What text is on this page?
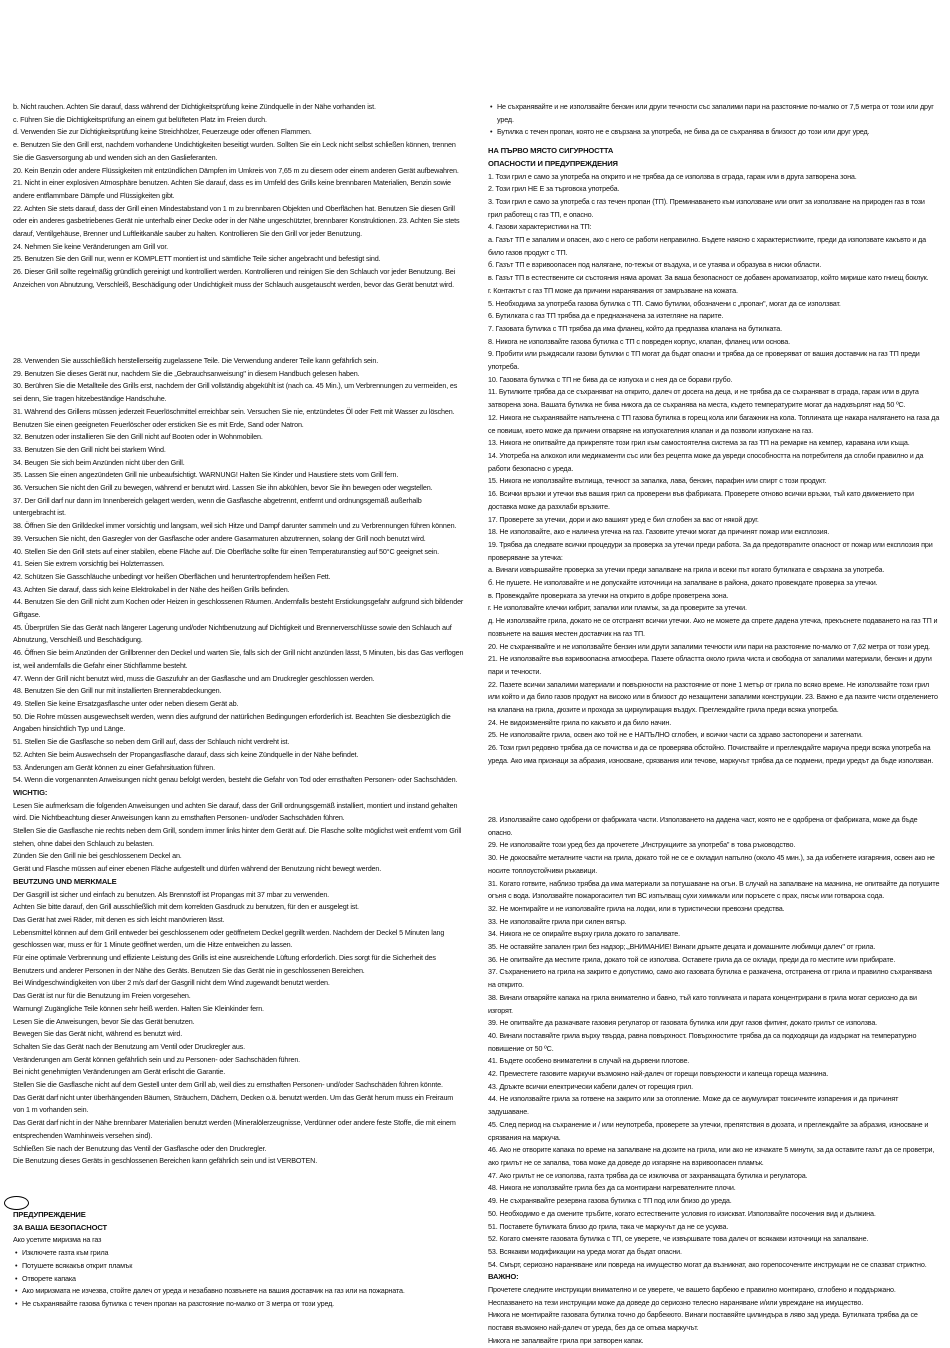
b. Nicht rauchen. Achten Sie darauf, dass während der Dichtigkeitsprüfung keine Zündquelle in der Nähe vorhanden ist.

c. Führen Sie die Dichtigkeitsprüfung an einem gut belüfteten Platz im Freien durch.

d. Verwenden Sie zur Dichtigkeitsprüfung keine Streichhölzer, Feuerzeuge oder offenen Flammen.

e. Benutzen Sie den Grill erst, nachdem vorhandene Undichtigkeiten beseitigt wurden. Sollten Sie ein Leck nicht selbst schließen können, trennen Sie die Gasversorgung ab und wenden sich an den Gaslieferanten.

20. Kein Benzin oder andere Flüssigkeiten mit entzündlichen Dämpfen im Umkreis von 7,65 m zu diesem oder einem anderen Gerät aufbewahren.

21. Nicht in einer explosiven Atmosphäre benutzen. Achten Sie darauf, dass es im Umfeld des Grills keine brennbaren Materialien, Benzin sowie andere entflammbare Dämpfe und Flüssigkeiten gibt.

22. Achten Sie stets darauf, dass der Grill einen Mindestabstand von 1 m zu brennbaren Objekten und Oberflächen hat. Benutzen Sie diesen Grill oder ein anderes gasbetriebenes Gerät nie unterhalb einer Decke oder in der Nähe ungeschützter, brennbarer Konstruktionen. 23. Achten Sie stets darauf, Ventilgehäuse, Brenner und Luftleitkanäle sauber zu halten. Kontrollieren Sie den Grill vor jeder Benutzung.

24. Nehmen Sie keine Veränderungen am Grill vor.

25. Benutzen Sie den Grill nur, wenn er KOMPLETT montiert ist und sämtliche Teile sicher angebracht und befestigt sind.

26. Dieser Grill sollte regelmäßig gründlich gereinigt und kontrolliert werden. Kontrollieren und reinigen Sie den Schlauch vor jeder Benutzung. Bei Anzeichen von Abnutzung, Verschleiß, Beschädigung oder Undichtigkeit muss der Schlauch ausgetauscht werden, bevor das Gerät benutzt wird.

28. Verwenden Sie ausschließlich herstellerseitig zugelassene Teile. Die Verwendung anderer Teile kann gefährlich sein.

29. Benutzen Sie dieses Gerät nur, nachdem Sie die „Gebrauchsanweisung" in diesem Handbuch gelesen haben.

30. Berühren Sie die Metallteile des Grills erst, nachdem der Grill vollständig abgekühlt ist (nach ca. 45 Min.), um Verbrennungen zu vermeiden, es sei denn, Sie tragen hitzebeständige Handschuhe.

31. Während des Grillens müssen jederzeit Feuerlöschmittel erreichbar sein. Versuchen Sie nie, entzündetes Öl oder Fett mit Wasser zu löschen. Benutzen Sie einen geeigneten Feuerlöscher oder ersticken Sie es mit Erde, Sand oder Natron.

32. Benutzen oder installieren Sie den Grill nicht auf Booten oder in Wohnmobilen.

33. Benutzen Sie den Grill nicht bei starkem Wind.

34. Beugen Sie sich beim Anzünden nicht über den Grill.

35. Lassen Sie einen angezündeten Grill nie unbeaufsichtigt. WARNUNG! Halten Sie Kinder und Haustiere stets vom Grill fern.

36. Versuchen Sie nicht den Grill zu bewegen, während er benutzt wird. Lassen Sie ihn abkühlen, bevor Sie ihn bewegen oder wegstellen.

37. Der Grill darf nur dann im Innenbereich gelagert werden, wenn die Gasflasche abgetrennt, entfernt und ordnungsgemäß außerhalb untergebracht ist.

38. Öffnen Sie den Grilldeckel immer vorsichtig und langsam, weil sich Hitze und Dampf darunter sammeln und zu Verbrennungen führen können.

39. Versuchen Sie nicht, den Gasregler von der Gasflasche oder andere Gasarmaturen abzutrennen, solang der Grill noch benutzt wird.

40. Stellen Sie den Grill stets auf einer stabilen, ebene Fläche auf. Die Oberfläche sollte für einen Temperaturanstieg auf 50°C geeignet sein.

41. Seien Sie extrem vorsichtig bei Holzterrassen.

42. Schützen Sie Gasschläuche unbedingt vor heißen Oberflächen und heruntertropfendem heißen Fett.

43. Achten Sie darauf, dass sich keine Elektrokabel in der Nähe des heißen Grills befinden.

44. Benutzen Sie den Grill nicht zum Kochen oder Heizen in geschlossenen Räumen. Andernfalls besteht Erstickungsgefahr aufgrund sich bildender Giftgase.

45. Überprüfen Sie das Gerät nach längerer Lagerung und/oder Nichtbenutzung auf Dichtigkeit und Brennerverschlüsse sowie den Schlauch auf Abnutzung, Verschleiß und Beschädigung.

46. Öffnen Sie beim Anzünden der Grillbrenner den Deckel und warten Sie, falls sich der Grill nicht anzünden lässt, 5 Minuten, bis das Gas verflogen ist, weil andernfalls die Gefahr einer Stichflamme besteht.

47. Wenn der Grill nicht benutzt wird, muss die Gaszufuhr an der Gasflasche und am Druckregler geschlossen werden.

48. Benutzen Sie den Grill nur mit installierten Brennerabdeckungen.

49. Stellen Sie keine Ersatzgasflasche unter oder neben diesem Gerät ab.

50. Die Rohre müssen ausgewechselt werden, wenn dies aufgrund der natürlichen Bedingungen erforderlich ist. Beachten Sie diesbezüglich die Angaben hinsichtlich Typ und Länge.

51. Stellen Sie die Gasflasche so neben dem Grill auf, dass der Schlauch nicht verdreht ist.

52. Achten Sie beim Auswechseln der Propangasflasche darauf, dass sich keine Zündquelle in der Nähe befindet.

53. Änderungen am Gerät können zu einer Gefahrsituation führen.

54. Wenn die vorgenannten Anweisungen nicht genau befolgt werden, besteht die Gefahr von Tod oder ernsthaften Personen- oder Sachschäden.

WICHTIG:

Lesen Sie aufmerksam die folgenden Anweisungen und achten Sie darauf, dass der Grill ordnungsgemäß installiert, montiert und instand gehalten wird. Die Nichtbeachtung dieser Anweisungen kann zu ernsthaften Personen- und/oder Sachschäden führen.

Stellen Sie die Gasflasche nie rechts neben dem Grill, sondern immer links hinter dem Gerät auf. Die Flasche sollte möglichst weit entfernt vom Grill stehen, ohne dabei den Schlauch zu belasten.

Zünden Sie den Grill nie bei geschlossenem Deckel an.

Gerät und Flasche müssen auf einer ebenen Fläche aufgestellt und dürfen während der Benutzung nicht bewegt werden.

BEUTZUNG UND MERKMALE

Der Gasgrill ist sicher und einfach zu benutzen. Als Brennstoff ist Propangas mit 37 mbar zu verwenden.

Achten Sie bitte darauf, den Grill ausschließlich mit dem korrekten Gasdruck zu benutzen, für den er ausgelegt ist.

Das Gerät hat zwei Räder, mit denen es sich leicht manövrieren lässt.

Lebensmittel können auf dem Grill entweder bei geschlossenem oder geöffnetem Deckel gegrillt werden. Nachdem der Deckel 5 Minuten lang geschlossen war, muss er für 1 Minute geöffnet werden, um die Hitze entweichen zu lassen.

Für eine optimale Verbrennung und effiziente Leistung des Grills ist eine ausreichende Lüftung erforderlich. Dies sorgt für die Sicherheit des Benutzers und anderer Personen in der Nähe des Geräts. Benutzen Sie das Gerät nie in geschlossenen Bereichen.

Bei Windgeschwindigkeiten von über 2 m/s darf der Gasgrill nicht dem Wind zugewandt benutzt werden.

Das Gerät ist nur für die Benutzung im Freien vorgesehen.

Warnung! Zugängliche Teile können sehr heiß werden. Halten Sie Kleinkinder fern.

Lesen Sie die Anweisungen, bevor Sie das Gerät benutzen.

Bewegen Sie das Gerät nicht, während es benutzt wird.

Schalten Sie das Gerät nach der Benutzung am Ventil oder Druckregler aus.

Veränderungen am Gerät können gefährlich sein und zu Personen- oder Sachschäden führen.

Bei nicht genehmigten Veränderungen am Gerät erlischt die Garantie.

Stellen Sie die Gasflasche nicht auf dem Gestell unter dem Grill ab, weil dies zu ernsthaften Personen- und/oder Sachschäden führen könnte.

Das Gerät darf nicht unter überhängenden Bäumen, Sträuchern, Dächern, Decken o.ä. benutzt werden. Um das Gerät herum muss ein Freiraum von 1 m vorhanden sein.

Das Gerät darf nicht in der Nähe brennbarer Materialien benutzt werden (Mineralölerzeugnisse, Verdünner oder andere feste Stoffe, die mit einem entsprechenden Warnhinweis versehen sind).

Schließen Sie nach der Benutzung das Ventil der Gasflasche oder den Druckregler.

Die Benutzung dieses Geräts in geschlossenen Bereichen kann gefährlich sein und ist VERBOTEN.

ПРЕДУПРЕЖДЕНИЕ
ЗА ВАША БЕЗОПАСНОСТ

Ако усетите миризма на газ

• Изключете газта към грила

• Потушете всякакъв открит пламък

• Отворете капака

• Ако миризмата не изчезва, стойте далеч от уреда и незабавно позвънете на вашия доставчик на газ или на пожарната.

• Не съхранявайте газова бутилка с течен пропан на разстояние по-малко от 3 метра от този уред.

• Не съхранявайте и не използвайте бензин или други течности със запалими пари на разстояние по-малко от 7,5 метра от този или друг уред.

• Бутилка с течен пропан, която не е свързана за употреба, не бива да се съхранява в близост до този или друг уред.

НА ПЪРВО МЯСТО СИГУРНОСТТА
ОПАСНОСТИ И ПРЕДУПРЕЖДЕНИЯ

1. Този грил е само за употреба на открито и не трябва да се използва в сграда, гараж или в друга затворена зона.

2. Този грил НЕ Е за търговска употреба.

3. Този грил е само за употреба с газ течен пропан (ТП). Преминаването към използване или опит за използване на природен газ в този грил работещ с газ ТП, е опасно.

4. Газови характеристики на ТП:

а. Газът ТП е запалим и опасен, ако с него се работи неправилно. Бъдете наясно с характеристиките, преди да използвате какъвто и да било газов продукт с ТП.

б. Газът ТП е взривоопасен под налягане, по-тежък от въздуха, и се утаява и образува в ниски области.

в. Газът ТП в естествените си състояния няма аромат. За ваша безопасност се добавен ароматизатор, който мирише като гниещ боклук.

г. Контактът с газ ТП може да причини наранявания от замръзване на кожата.

5. Необходима за употреба газова бутилка с ТП. Само бутилки, обозначени с „пропан", могат да се използват.

6. Бутилката с газ ТП трябва да е предназначена за изтегляне на парите.

7. Газовата бутилка с ТП трябва да има фланец, който да предпазва клапана на бутилката.

8. Никога не използвайте газова бутилка с ТП с повреден корпус, клапан, фланец или основа.

9. Пробити или ръждясали газови бутилки с ТП могат да бъдат опасни и трябва да се проверяват от вашия доставчик на газ ТП преди употреба.

10. Газовата бутилка с ТП не бива да се изпуска и с нея да се борави грубо.

11. Бутилките трябва да се съхраняват на открито, далеч от досега на деца, и не трябва да се съхраняват в сграда, гараж или в друга затворена зона. Вашата бутилка не бива никога да се съхранява на места, където температурите могат да надхвърлят над 50 ºC.

12. Никога не съхранявайте напълнена с ТП газова бутилка в горещ кола или багажник на кола. Топлината ще накара налягането на газа да се повиши, което може да причини отваряне на изпускателния клапан и да позволи изпускане на газ.

13. Никога не опитвайте да прикрепяте този грил към самостоятелна система за газ ТП на ремарке на кемпер, каравана или къща.

14. Употреба на алкохол или медикаменти със или без рецепта може да увреди способността на потребителя да сглоби правилно и да работи безопасно с уреда.

15. Никога не използвайте въглища, течност за запалка, лава, бензин, парафин или спирт с този продукт.

16. Всички връзки и утечки във вашия грил са проверени във фабриката. Проверете отново всички връзки, тъй като движението при доставка може да разхлаби връзките.

17. Проверете за утечки, дори и ако вашият уред е бил сглобен за вас от някой друг.

18. Не използвайте, ако е налична утечка на газ. Газовите утечки могат да причинят пожар или експлозия.

19. Трябва да следвате всички процедури за проверка за утечки преди работа. За да предотвратите опасност от пожар или експлозия при проверяване за утечка:

а. Винаги извършвайте проверка за утечки преди запалване на грила и всеки път когато бутилката е свързана за употреба.

б. Не пушете. Не използвайте и не допускайте източници на запалване в района, докато провеждате проверка за утечки.

в. Провеждайте проверката за утечки на открито в добре проветрена зона.

г. Не използвайте клечки кибрит, запалки или пламък, за да проверите за утечки.

д. Не използвайте грила, докато не се отстранят всички утечки. Ако не можете да спрете дадена утечка, прекъснете подаването на газ ТП и позвънете на вашия местен доставчик на газ ТП.

20. Не съхранявайте и не използвайте бензин или други запалими течности или пари на разстояние по-малко от 7,62 метра от този уред.

21. Не използвайте във взривоопасна атмосфера. Пазете областта около грила чиста и свободна от запалими материали, бензин и други пари и течности.

22. Пазете всички запалими материали и повърхности на разстояние от поне 1 метър от грила по всяко време. Не използвайте този грил или който и да било газов продукт на високо или в близост до незащитени запалими конструкции. 23. Важно е да пазите чисти отделението на клапана на грила, дюзите и прохода за циркулиращия въздух. Преглеждайте грила преди всяка употреба.

24. Не видоизменяйте грила по какъвто и да било начин.

25. Не използвайте грила, освен ако той не е НАПЪЛНО сглобен, и всички части са здраво застопорени и затегнати.

26. Този грил редовно трябва да се почиства и да се проверява обстойно. Почиствайте и преглеждайте маркуча преди всяка употреба на уреда. Ако има признаци за абразия, износване, срязвания или течове, маркучът трябва да се подмени, преди уредът да бъде използван.

28. Използвайте само одобрени от фабриката части. Използването на дадена част, която не е одобрена от фабриката, може да бъде опасно.

29. Не използвайте този уред без да прочетете „Инструкциите за употреба" в това ръководство.

30. Не докосвайте металните части на грила, докато той не се е охладил напълно (около 45 мин.), за да избегнете изгаряния, освен ако не носите топлоустойчиви ръкавици.

31. Когато готвите, наблизо трябва да има материали за потушаване на огън. В случай на запалване на мазнина, не опитвайте да потушите огъня с вода. Използвайте пожарогасител тип ВС изпълващ сухи химикали или поръсете с прах, пясък или готварска сода.

32. Не монтирайте и не използвайте грила на лодки, или в туристически превозни средства.

33. Не използвайте грила при силен вятър.

34. Никога не се опирайте върху грила докато го запалвате.

35. Не оставяйте запален грил без надзор;.„ВНИМАНИЕ! Винаги дръжте децата и домашните любимци далеч" от грила.

36. Не опитвайте да местите грила, докато той се използва. Оставете грила да се охлади, преди да го местите или прибирате.

37. Съхранението на грила на закрито е допустимо, само ако газовата бутилка е разкачена, отстранена от грила и правилно съхранявана на открито.

38. Винаги отваряйте капака на грила внимателно и бавно, тъй като топлината и парата концентрирани в грила могат сериозно да ви изгорят.

39. Не опитвайте да разкачвате газовия регулатор от газовата бутилка или друг газов фитинг, докато грилът се използва.

40. Винаги поставяйте грила върху твърда, равна повърхност. Повърхностите трябва да са подходящи да издържат на температурно повишение от 50 ºC.

41. Бъдете особено внимателни в случай на дървени плотове.

42. Преместете газовите маркучи възможно най-далеч от горещи повърхности и капеща гореща мазнина.

43. Дръжте всички електрически кабели далеч от горещия грил.

44. Не използвайте грила за готвене на закрито или за отопление. Може да се акумулират токсичните изпарения и да причинят задушаване.

45. След период на съхранение и / или неупотреба, проверете за утечки, препятствия в дюзата, и преглеждайте за абразия, износване и срязвания на маркуча.

46. Ако не отворите капака по време на запалване на дюзите на грила, или ако не изчакате 5 минути, за да оставите газът да се проветри, ако грилът не се запалва, това може да доведе до изгаряне на взривоопасен пламък.

47. Ако грилът не се използва, газта трябва да се изключва от захранващата бутилка и регулатора.

48. Никога не използвайте грила без да са монтирани нагревателните плочи.

49. Не съхранявайте резервна газова бутилка с ТП под или близо до уреда.

50. Необходимо е да смените тръбите, когато естествените условия го изискват. Използвайте посочения вид и дължина.

51. Поставете бутилката близо до грила, така че маркучът да не се усуква.

52. Когато сменяте газовата бутилка с ТП, се уверете, че извършвате това далеч от всякакви източници на запалване.

53. Всякакви модификации на уреда могат да бъдат опасни.

54. Смърт, сериозно нараняване или повреда на имущество могат да възникнат, ако горепосочените инструкции не се спазват стриктно.

ВАЖНО:

Прочетете следните инструкции внимателно и се уверете, че вашето барбекю е правилно монтирано, сглобено и поддържано. Неспазването на тези инструкции може да доведе до сериозно телесно нараняване и/или увреждане на имущество.

Никога не монтирайте газовата бутилка точно до барбекюто. Винаги поставяйте цилиндъра в ляво зад уреда. Бутилката трябва да се поставя възможно най-далеч от уреда, без да се опъва маркучът.

Никога не запалвайте грила при затворен капак.
